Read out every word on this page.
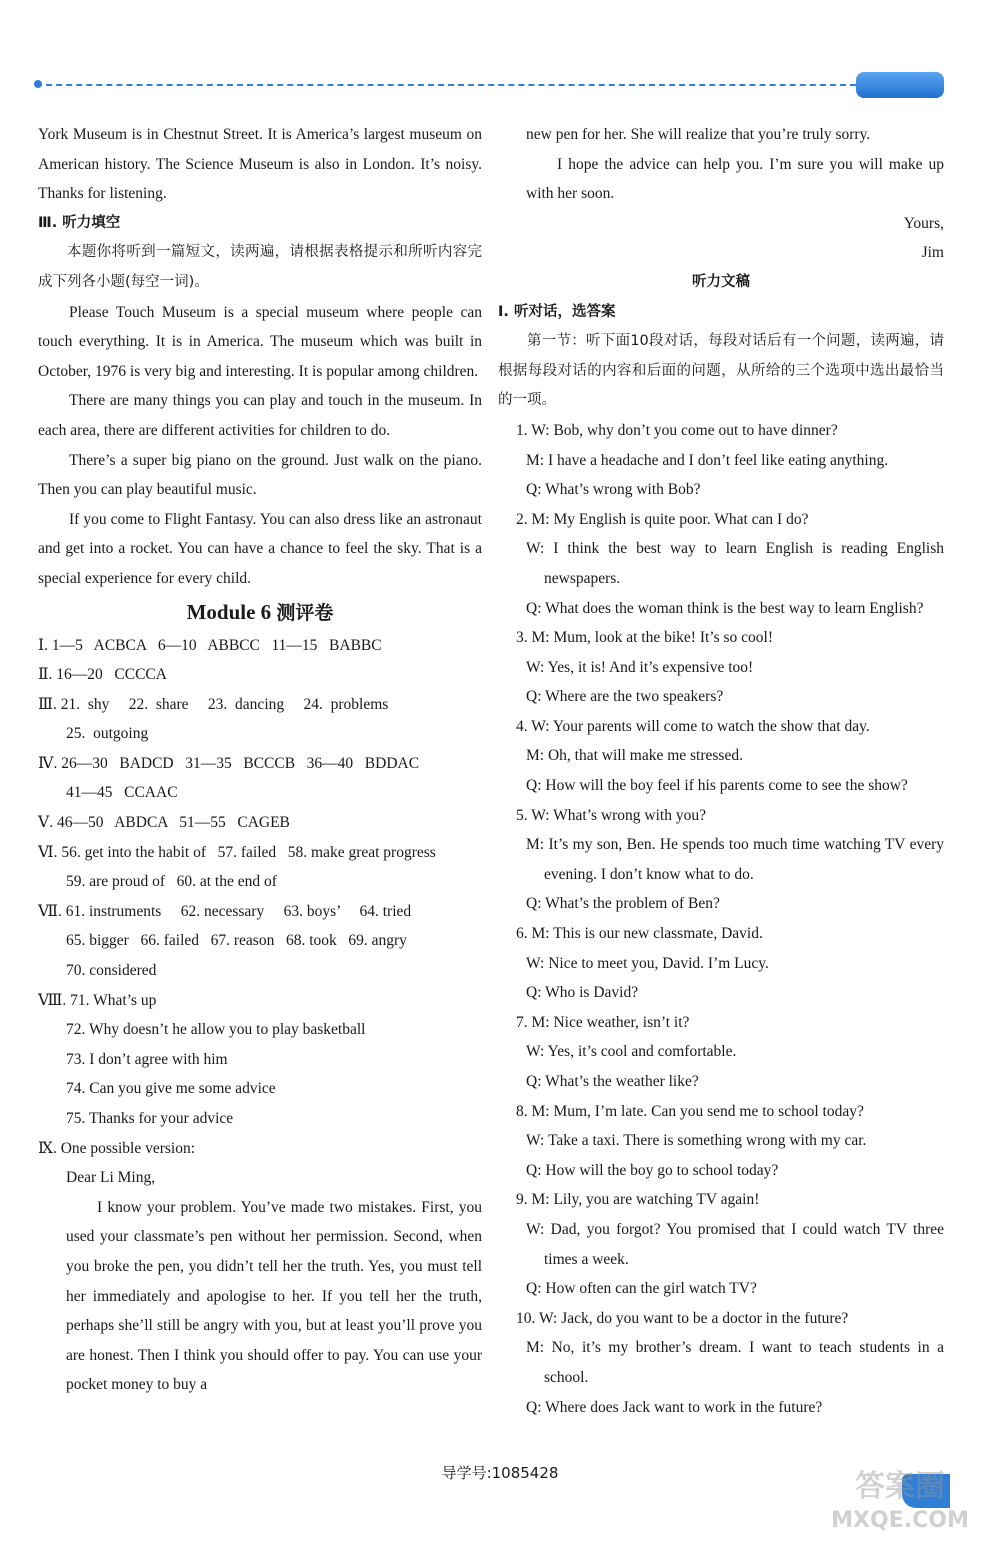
York Museum is in Chestnut Street. It is America’s largest museum on American history. The Science Museum is also in London. It’s noisy. Thanks for listening.

Ⅲ. 听力填空

本题你将听到一篇短文，读两遍，请根据表格提示和所听内容完成下列各小题(每空一词)。

Please Touch Museum is a special museum where people can touch everything. It is in America. The museum which was built in October, 1976 is very big and interesting. It is popular among children.

There are many things you can play and touch in the museum. In each area, there are different activities for children to do.

There’s a super big piano on the ground. Just walk on the piano. Then you can play beautiful music.

If you come to Flight Fantasy. You can also dress like an astronaut and get into a rocket. You can have a chance to feel the sky. That is a special experience for every child.

Module 6 测评卷

Ⅰ. 1—5   ACBCA   6—10   ABBCC   11—15   BABBC

Ⅱ. 16—20   CCCCA

Ⅲ. 21.  shy     22.  share     23.  dancing     24.  problems

25.  outgoing

Ⅳ. 26—30   BADCD   31—35   BCCCB   36—40   BDDAC

41—45   CCAAC

Ⅴ. 46—50   ABDCA   51—55   CAGEB

Ⅵ. 56. get into the habit of   57. failed   58. make great progress

59. are proud of   60. at the end of

Ⅶ. 61. instruments     62. necessary     63. boys’     64. tried

65. bigger   66. failed   67. reason   68. took   69. angry

70. considered

Ⅷ. 71. What’s up

72. Why doesn’t he allow you to play basketball

73. I don’t agree with him

74. Can you give me some advice

75. Thanks for your advice

Ⅸ. One possible version:

Dear Li Ming,

I know your problem. You’ve made two mistakes. First, you used your classmate’s pen without her permission. Second, when you broke the pen, you didn’t tell her the truth. Yes, you must tell her immediately and apologise to her. If you tell her the truth, perhaps she’ll still be angry with you, but at least you’ll prove you are honest. Then I think you should offer to pay. You can use your pocket money to buy a

new pen for her. She will realize that you’re truly sorry.

I hope the advice can help you. I’m sure you will make up with her soon.

Yours,

Jim

听力文稿

Ⅰ. 听对话，选答案

第一节：听下面10段对话，每段对话后有一个问题，读两遍，请根据每段对话的内容和后面的问题，从所给的三个选项中选出最恰当的一项。

1. W: Bob, why don’t you come out to have dinner?

M: I have a headache and I don’t feel like eating anything.

Q: What’s wrong with Bob?

2. M: My English is quite poor. What can I do?

W: I think the best way to learn English is reading English newspapers.

Q: What does the woman think is the best way to learn English?

3. M: Mum, look at the bike! It’s so cool!

W: Yes, it is! And it’s expensive too!

Q: Where are the two speakers?

4. W: Your parents will come to watch the show that day.

M: Oh, that will make me stressed.

Q: How will the boy feel if his parents come to see the show?

5. W: What’s wrong with you?

M: It’s my son, Ben. He spends too much time watching TV every evening. I don’t know what to do.

Q: What’s the problem of Ben?

6. M: This is our new classmate, David.

W: Nice to meet you, David. I’m Lucy.

Q: Who is David?

7. M: Nice weather, isn’t it?

W: Yes, it’s cool and comfortable.

Q: What’s the weather like?

8. M: Mum, I’m late. Can you send me to school today?

W: Take a taxi. There is something wrong with my car.

Q: How will the boy go to school today?

9. M: Lily, you are watching TV again!

W: Dad, you forgot? You promised that I could watch TV three times a week.

Q: How often can the girl watch TV?

10. W: Jack, do you want to be a doctor in the future?

M: No, it’s my brother’s dream. I want to teach students in a school.

Q: Where does Jack want to work in the future?

导学号:1085428	答案圈
MXQE.COM
